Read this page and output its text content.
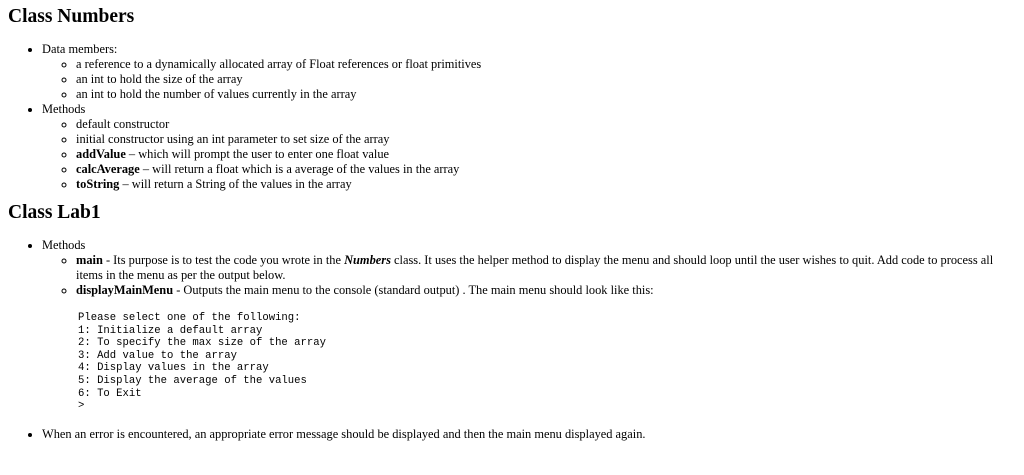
Class Numbers
• Data members:
◦ a reference to a dynamically allocated array of Float references or float primitives
◦ an int to hold the size of the array
◦ an int to hold the number of values currently in the array
• Methods
◦ default constructor
◦ initial constructor using an int parameter to set size of the array
◦ addValue – which will prompt the user to enter one float value
◦ calcAverage – will return a float which is a average of the values in the array
◦ toString – will return a String of the values in the array
Class Lab1
• Methods
◦ main - Its purpose is to test the code you wrote in the Numbers class. It uses the helper method to display the menu and should loop until the user wishes to quit. Add code to process all items in the menu as per the output below.
◦ displayMainMenu - Outputs the main menu to the console (standard output) . The main menu should look like this:
Please select one of the following:
1: Initialize a default array
2: To specify the max size of the array
3: Add value to the array
4: Display values in the array
5: Display the average of the values
6: To Exit
>
• When an error is encountered, an appropriate error message should be displayed and then the main menu displayed again.
